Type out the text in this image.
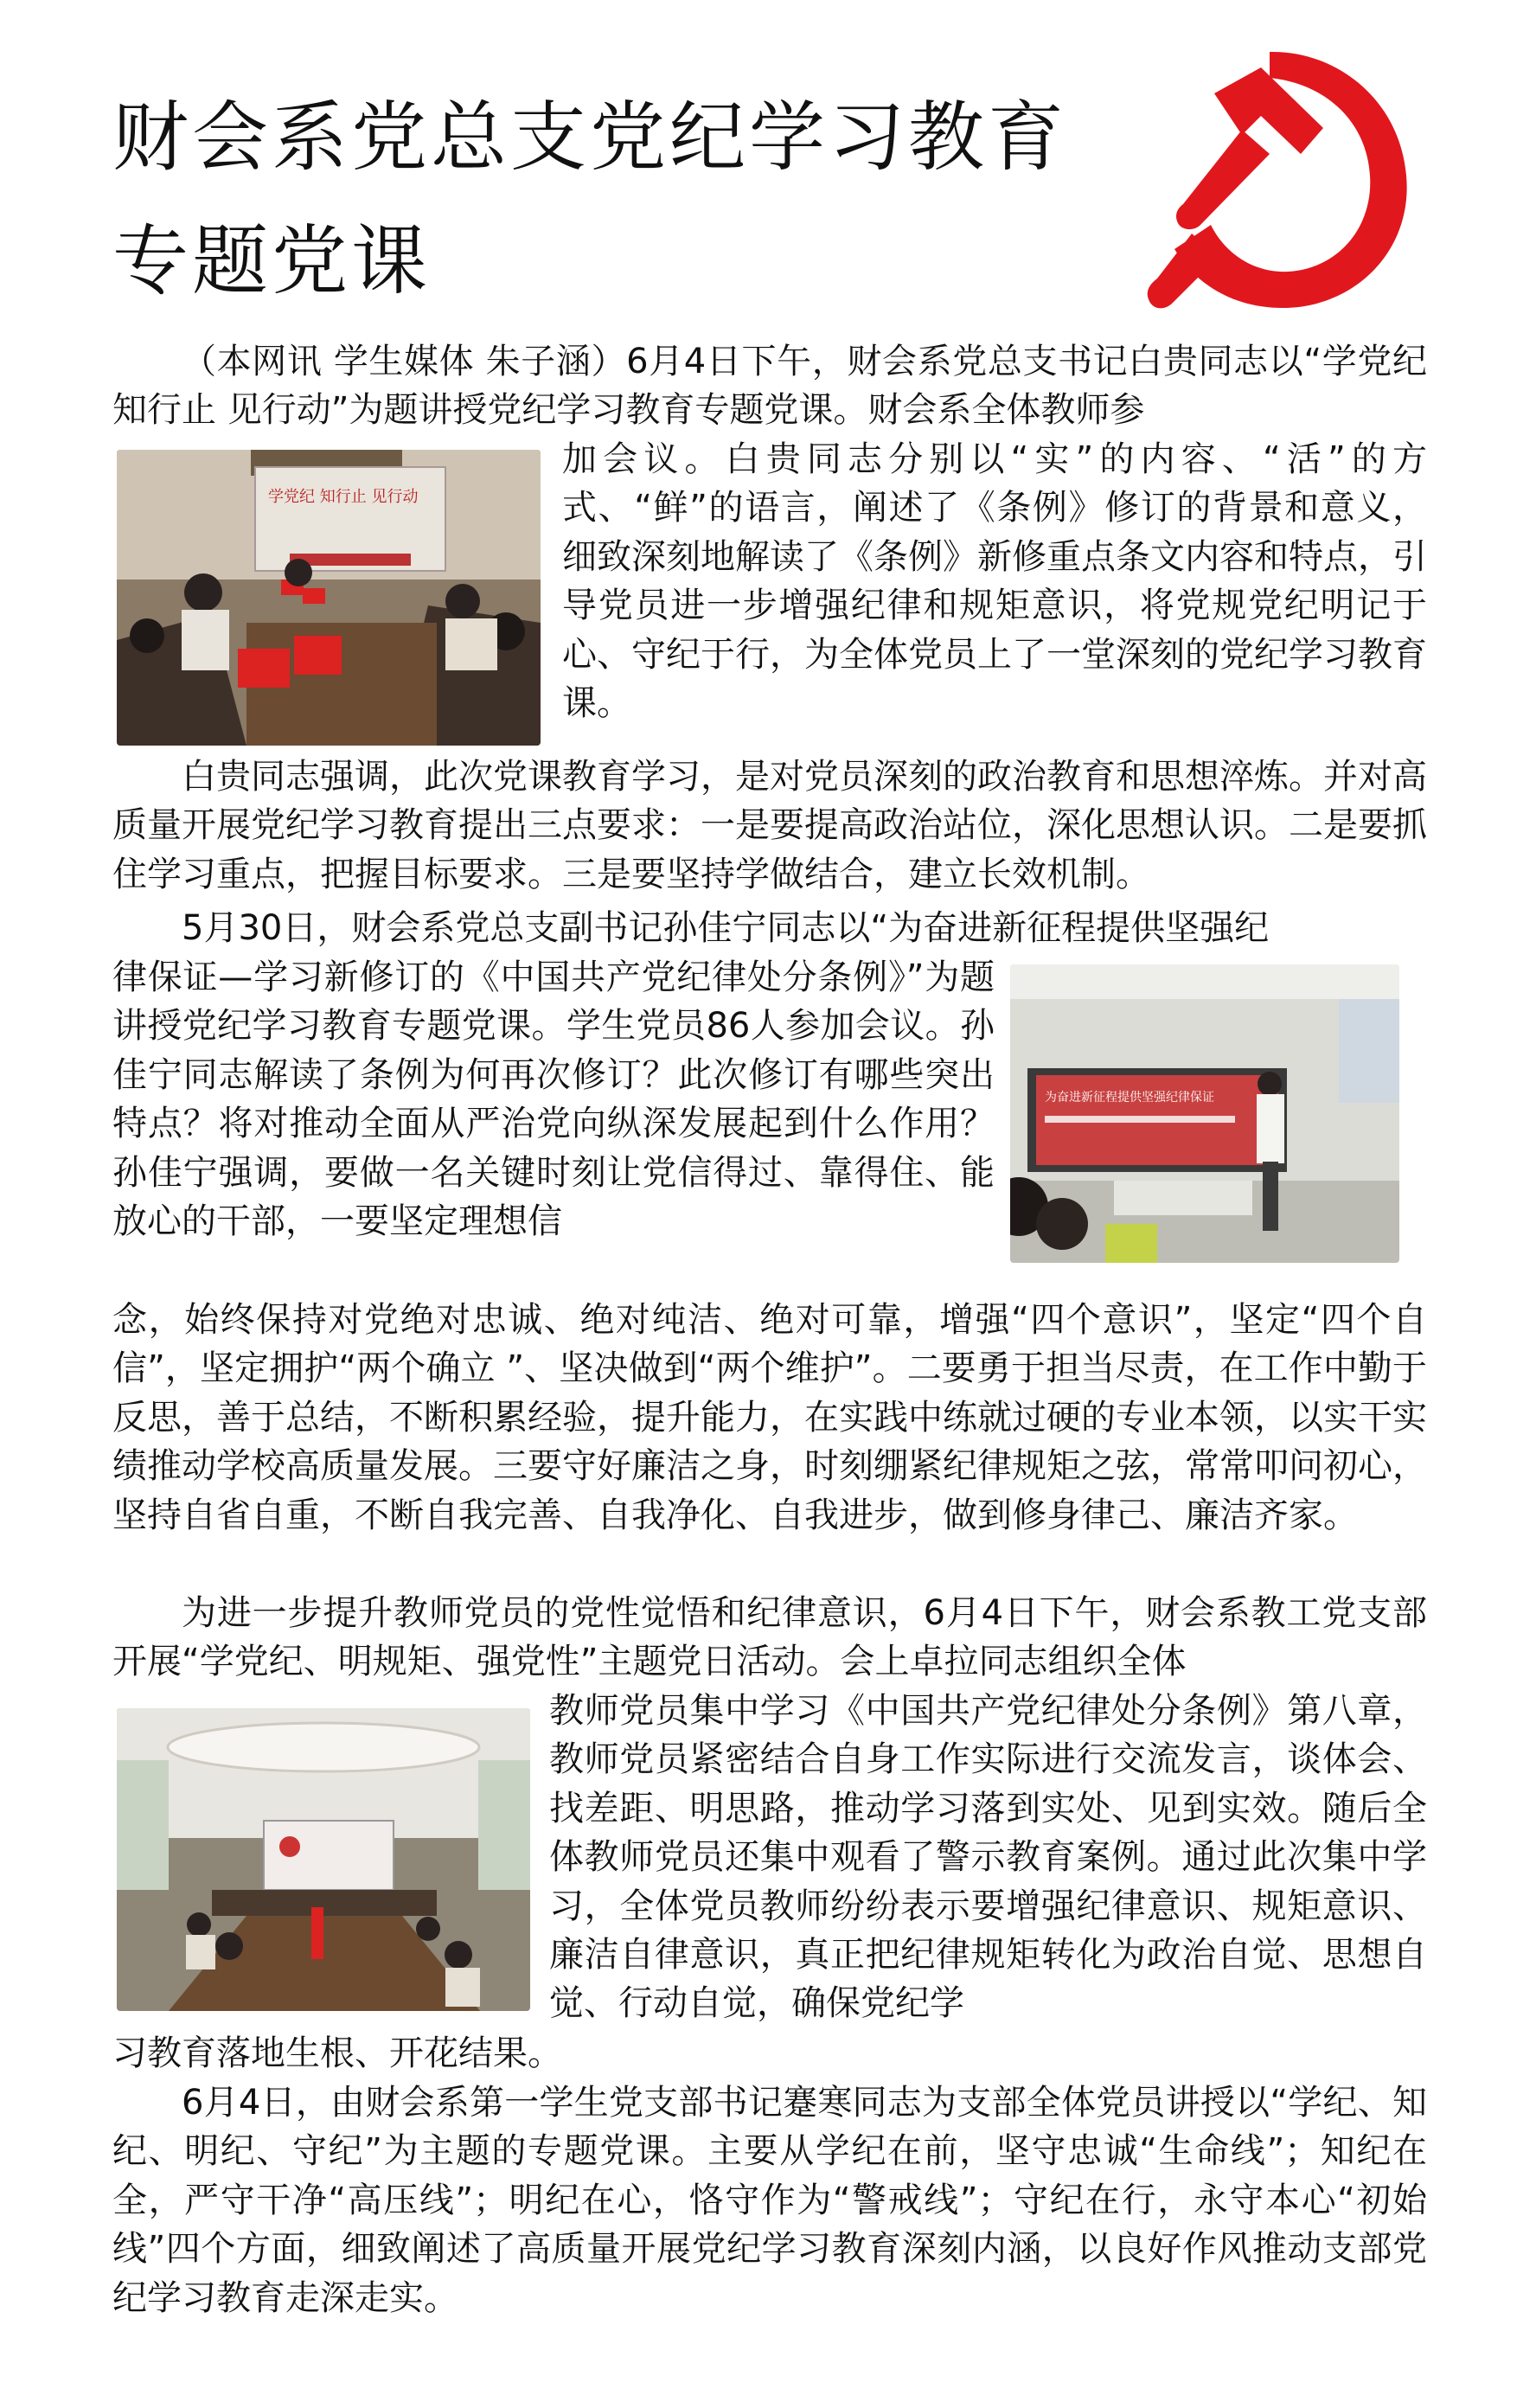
财会系党总支党纪学习教育
专题党课

（本网讯 学生媒体 朱子涵）6月4日下午，财会系党总支书记白贵同志以“学党纪 知行止 见行动”为题讲授党纪学习教育专题党课。财会系全体教师参

学党纪 知行止 见行动

加会议。白贵同志分别以“实”的内容、“活”的方式、“鲜”的语言，阐述了《条例》修订的背景和意义，细致深刻地解读了《条例》新修重点条文内容和特点，引导党员进一步增强纪律和规矩意识，将党规党纪明记于心、守纪于行，为全体党员上了一堂深刻的党纪学习教育课。

白贵同志强调，此次党课教育学习，是对党员深刻的政治教育和思想淬炼。并对高质量开展党纪学习教育提出三点要求：一是要提高政治站位，深化思想认识。二是要抓住学习重点，把握目标要求。三是要坚持学做结合，建立长效机制。

5月30日，财会系党总支副书记孙佳宁同志以“为奋进新征程提供坚强纪

为奋进新征程提供坚强纪律保证

律保证—学习新修订的《中国共产党纪律处分条例》”为题讲授党纪学习教育专题党课。学生党员86人参加会议。孙佳宁同志解读了条例为何再次修订？此次修订有哪些突出特点？将对推动全面从严治党向纵深发展起到什么作用？孙佳宁强调，要做一名关键时刻让党信得过、靠得住、能放心的干部，一要坚定理想信

念，始终保持对党绝对忠诚、绝对纯洁、绝对可靠，增强“四个意识”，坚定“四个自信”，坚定拥护“两个确立 ”、坚决做到“两个维护”。二要勇于担当尽责，在工作中勤于反思，善于总结，不断积累经验，提升能力，在实践中练就过硬的专业本领，以实干实绩推动学校高质量发展。三要守好廉洁之身，时刻绷紧纪律规矩之弦，常常叩问初心，坚持自省自重，不断自我完善、自我净化、自我进步，做到修身律己、廉洁齐家。

为进一步提升教师党员的党性觉悟和纪律意识，6月4日下午，财会系教工党支部开展“学党纪、明规矩、强党性”主题党日活动。会上卓拉同志组织全体

教师党员集中学习《中国共产党纪律处分条例》第八章，教师党员紧密结合自身工作实际进行交流发言，谈体会、找差距、明思路，推动学习落到实处、见到实效。随后全体教师党员还集中观看了警示教育案例。通过此次集中学习，全体党员教师纷纷表示要增强纪律意识、规矩意识、廉洁自律意识，真正把纪律规矩转化为政治自觉、思想自觉、行动自觉，确保党纪学

习教育落地生根、开花结果。

6月4日，由财会系第一学生党支部书记蹇寒同志为支部全体党员讲授以“学纪、知纪、明纪、守纪”为主题的专题党课。主要从学纪在前，坚守忠诚“生命线”；知纪在全，严守干净“高压线”；明纪在心，恪守作为“警戒线”；守纪在行，永守本心“初始线”四个方面，细致阐述了高质量开展党纪学习教育深刻内涵，以良好作风推动支部党纪学习教育走深走实。
